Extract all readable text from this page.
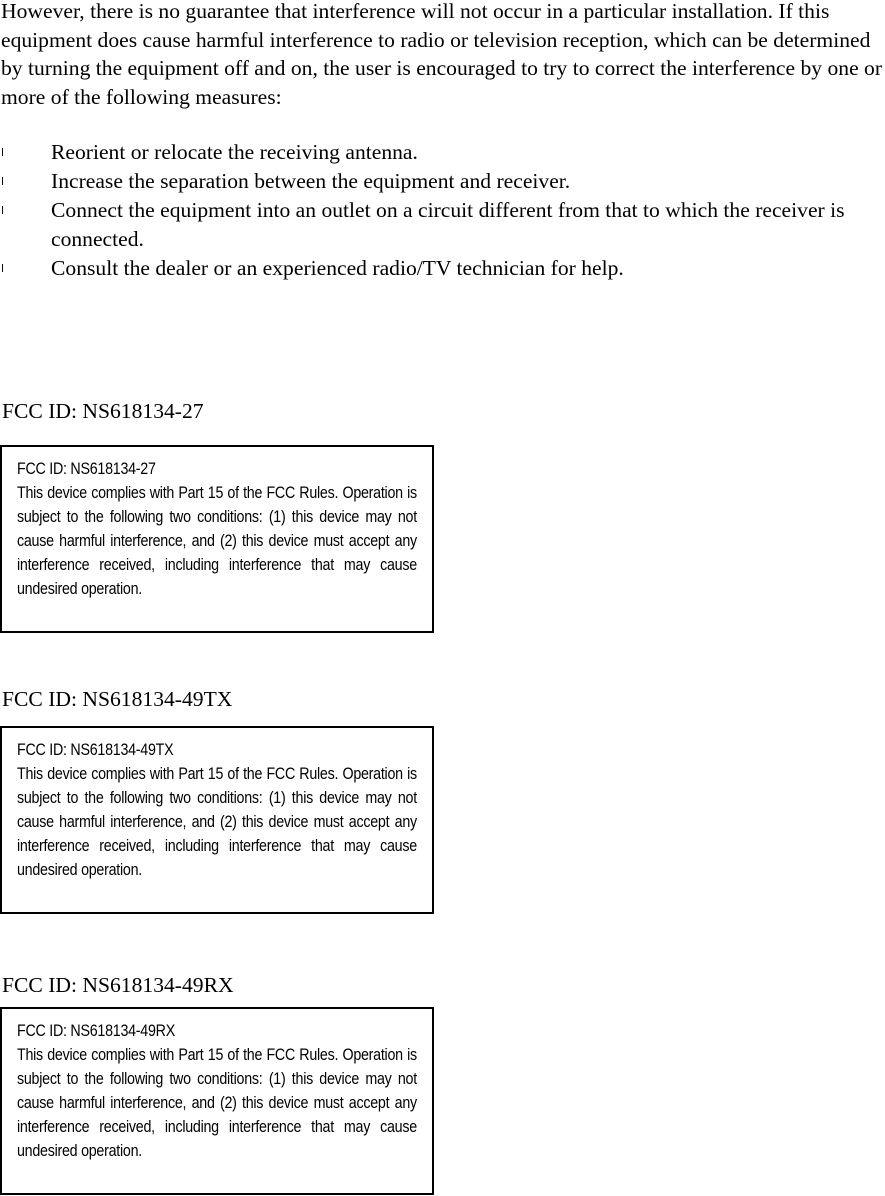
However, there is no guarantee that interference will not occur in a particular installation. If this equipment does cause harmful interference to radio or television reception, which can be determined by turning the equipment off and on, the user is encouraged to try to correct the interference by one or more of the following measures:

l Reorient or relocate the receiving antenna.
l Increase the separation between the equipment and receiver.
l Connect the equipment into an outlet on a circuit different from that to which the receiver is connected.
l Consult the dealer or an experienced radio/TV technician for help.
FCC ID: NS618134-27
FCC ID: NS618134-27
This device complies with Part 15 of the FCC Rules. Operation is subject to the following two conditions: (1) this device may not cause harmful interference, and (2) this device must accept any interference received, including interference that may cause undesired operation.
FCC ID: NS618134-49TX
FCC ID: NS618134-49TX
This device complies with Part 15 of the FCC Rules. Operation is subject to the following two conditions: (1) this device may not cause harmful interference, and (2) this device must accept any interference received, including interference that may cause undesired operation.
FCC ID: NS618134-49RX
FCC ID: NS618134-49RX
This device complies with Part 15 of the FCC Rules. Operation is subject to the following two conditions: (1) this device may not cause harmful interference, and (2) this device must accept any interference received, including interference that may cause undesired operation.
